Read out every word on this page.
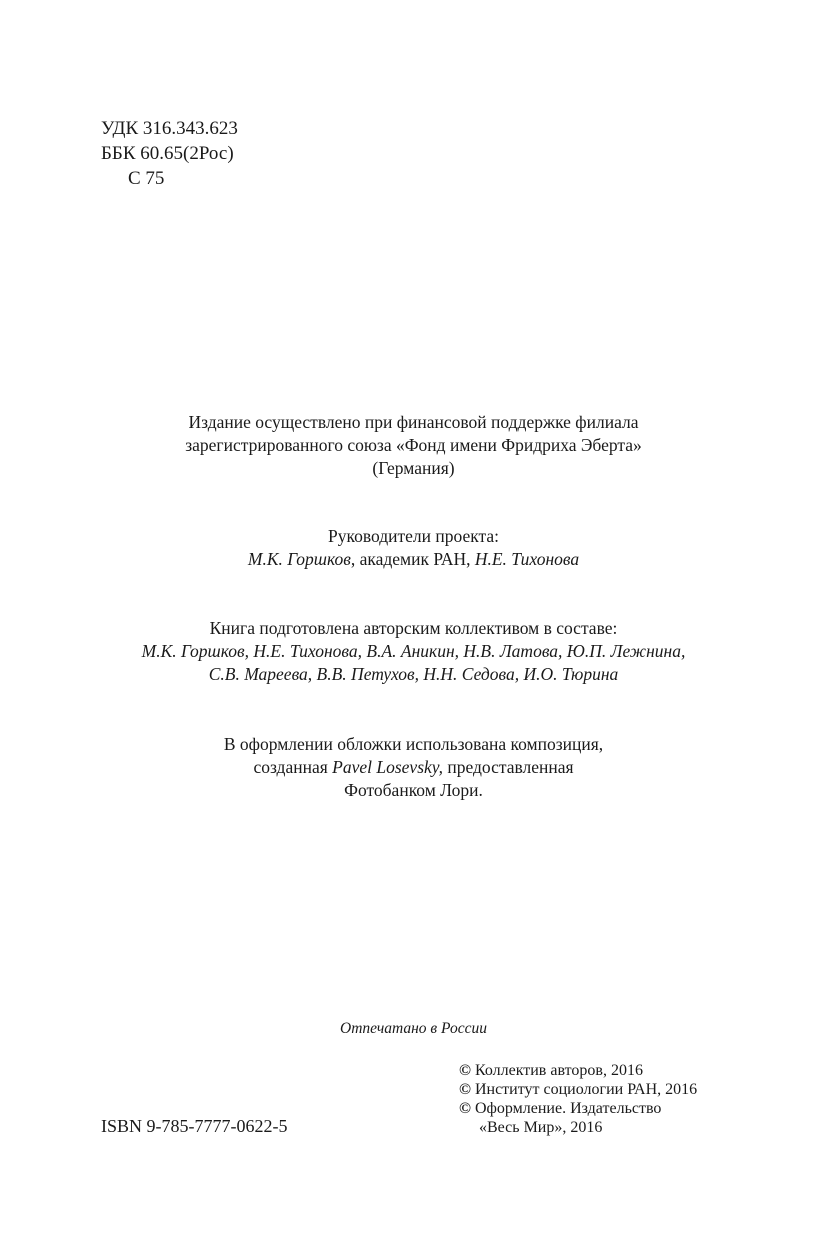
УДК 316.343.623
ББК 60.65(2Рос)
С 75
Издание осуществлено при финансовой поддержке филиала
зарегистрированного союза «Фонд имени Фридриха Эберта»
(Германия)
Руководители проекта:
М.К. Горшков, академик РАН, Н.Е. Тихонова
Книга подготовлена авторским коллективом в составе:
М.К. Горшков, Н.Е. Тихонова, В.А. Аникин, Н.В. Латова, Ю.П. Лежнина,
С.В. Мареева, В.В. Петухов, Н.Н. Седова, И.О. Тюрина
В оформлении обложки использована композиция,
созданная Pavel Losevsky, предоставленная
Фотобанком Лори.
Отпечатано в России
© Коллектив авторов, 2016
© Институт социологии РАН, 2016
© Оформление. Издательство
«Весь Мир», 2016
ISBN 9-785-7777-0622-5
